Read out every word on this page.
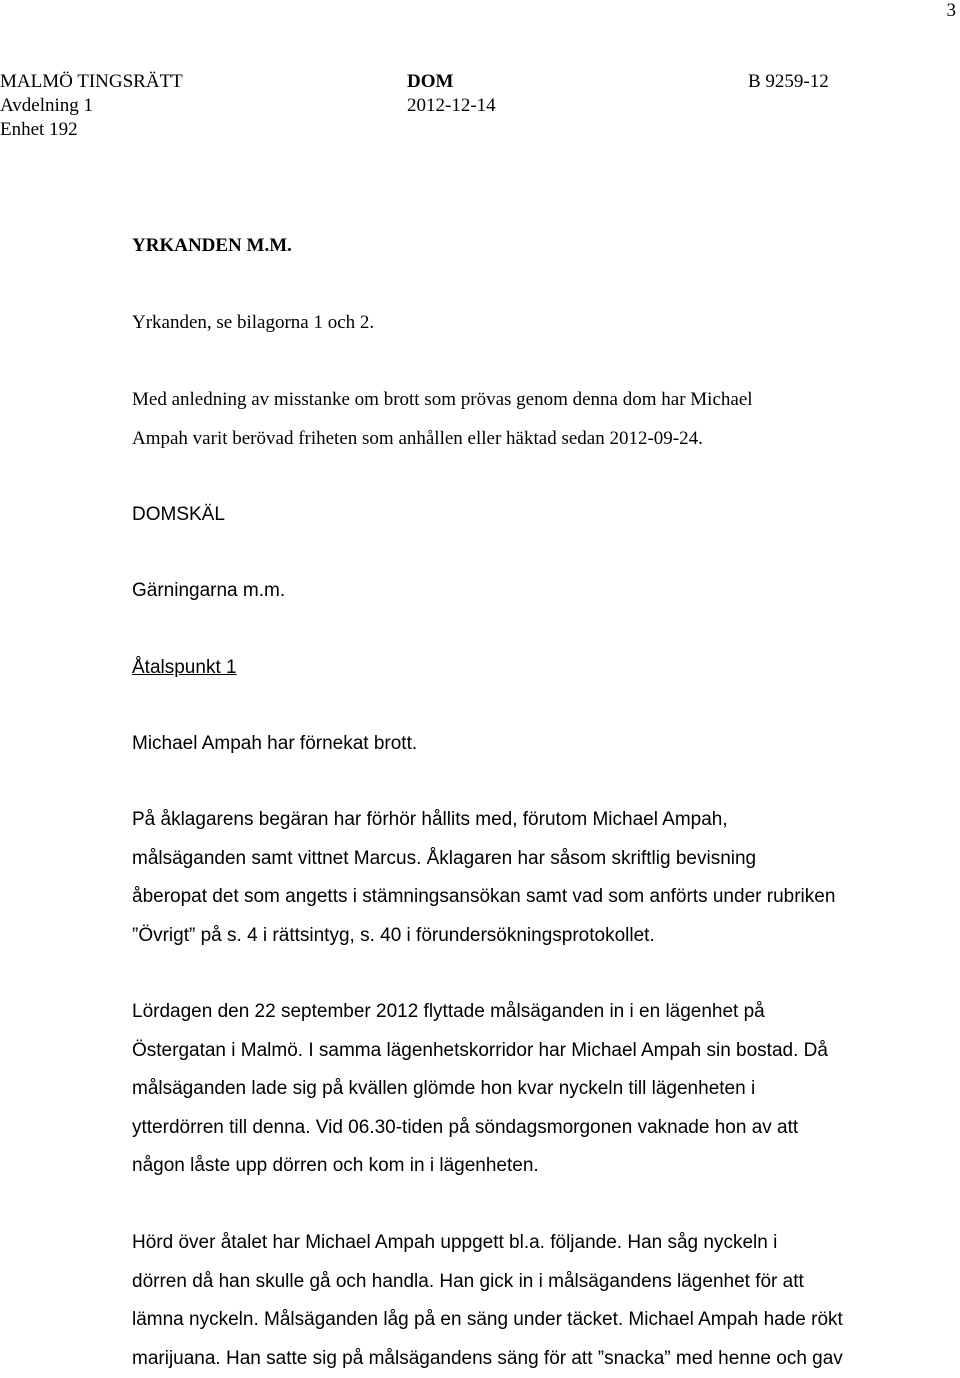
3
MALMÖ TINGSRÄTT
Avdelning 1
Enhet 192
DOM
2012-12-14
B 9259-12
YRKANDEN M.M.
Yrkanden, se bilagorna 1 och 2.
Med anledning av misstanke om brott som prövas genom denna dom har Michael
Ampah varit berövad friheten som anhållen eller häktad sedan 2012-09-24.
DOMSKÄL
Gärningarna m.m.
Åtalspunkt 1
Michael Ampah har förnekat brott.
På åklagarens begäran har förhör hållits med, förutom Michael Ampah,
målsäganden samt vittnet Marcus. Åklagaren har såsom skriftlig bevisning
åberopat det som angetts i stämningsansökan samt vad som anförts under rubriken
”Övrigt” på s. 4 i rättsintyg, s. 40 i förundersökningsprotokollet.
Lördagen den 22 september 2012 flyttade målsäganden in i en lägenhet på
Östergatan i Malmö. I samma lägenhetskorridor har Michael Ampah sin bostad. Då
målsäganden lade sig på kvällen glömde hon kvar nyckeln till lägenheten i
ytterdörren till denna. Vid 06.30-tiden på söndagsmorgonen vaknade hon av att
någon låste upp dörren och kom in i lägenheten.
Hörd över åtalet har Michael Ampah uppgett bl.a. följande. Han såg nyckeln i
dörren då han skulle gå och handla. Han gick in i målsägandens lägenhet för att
lämna nyckeln. Målsäganden låg på en säng under täcket. Michael Ampah hade rökt
marijuana. Han satte sig på målsägandens säng för att ”snacka” med henne och gav
